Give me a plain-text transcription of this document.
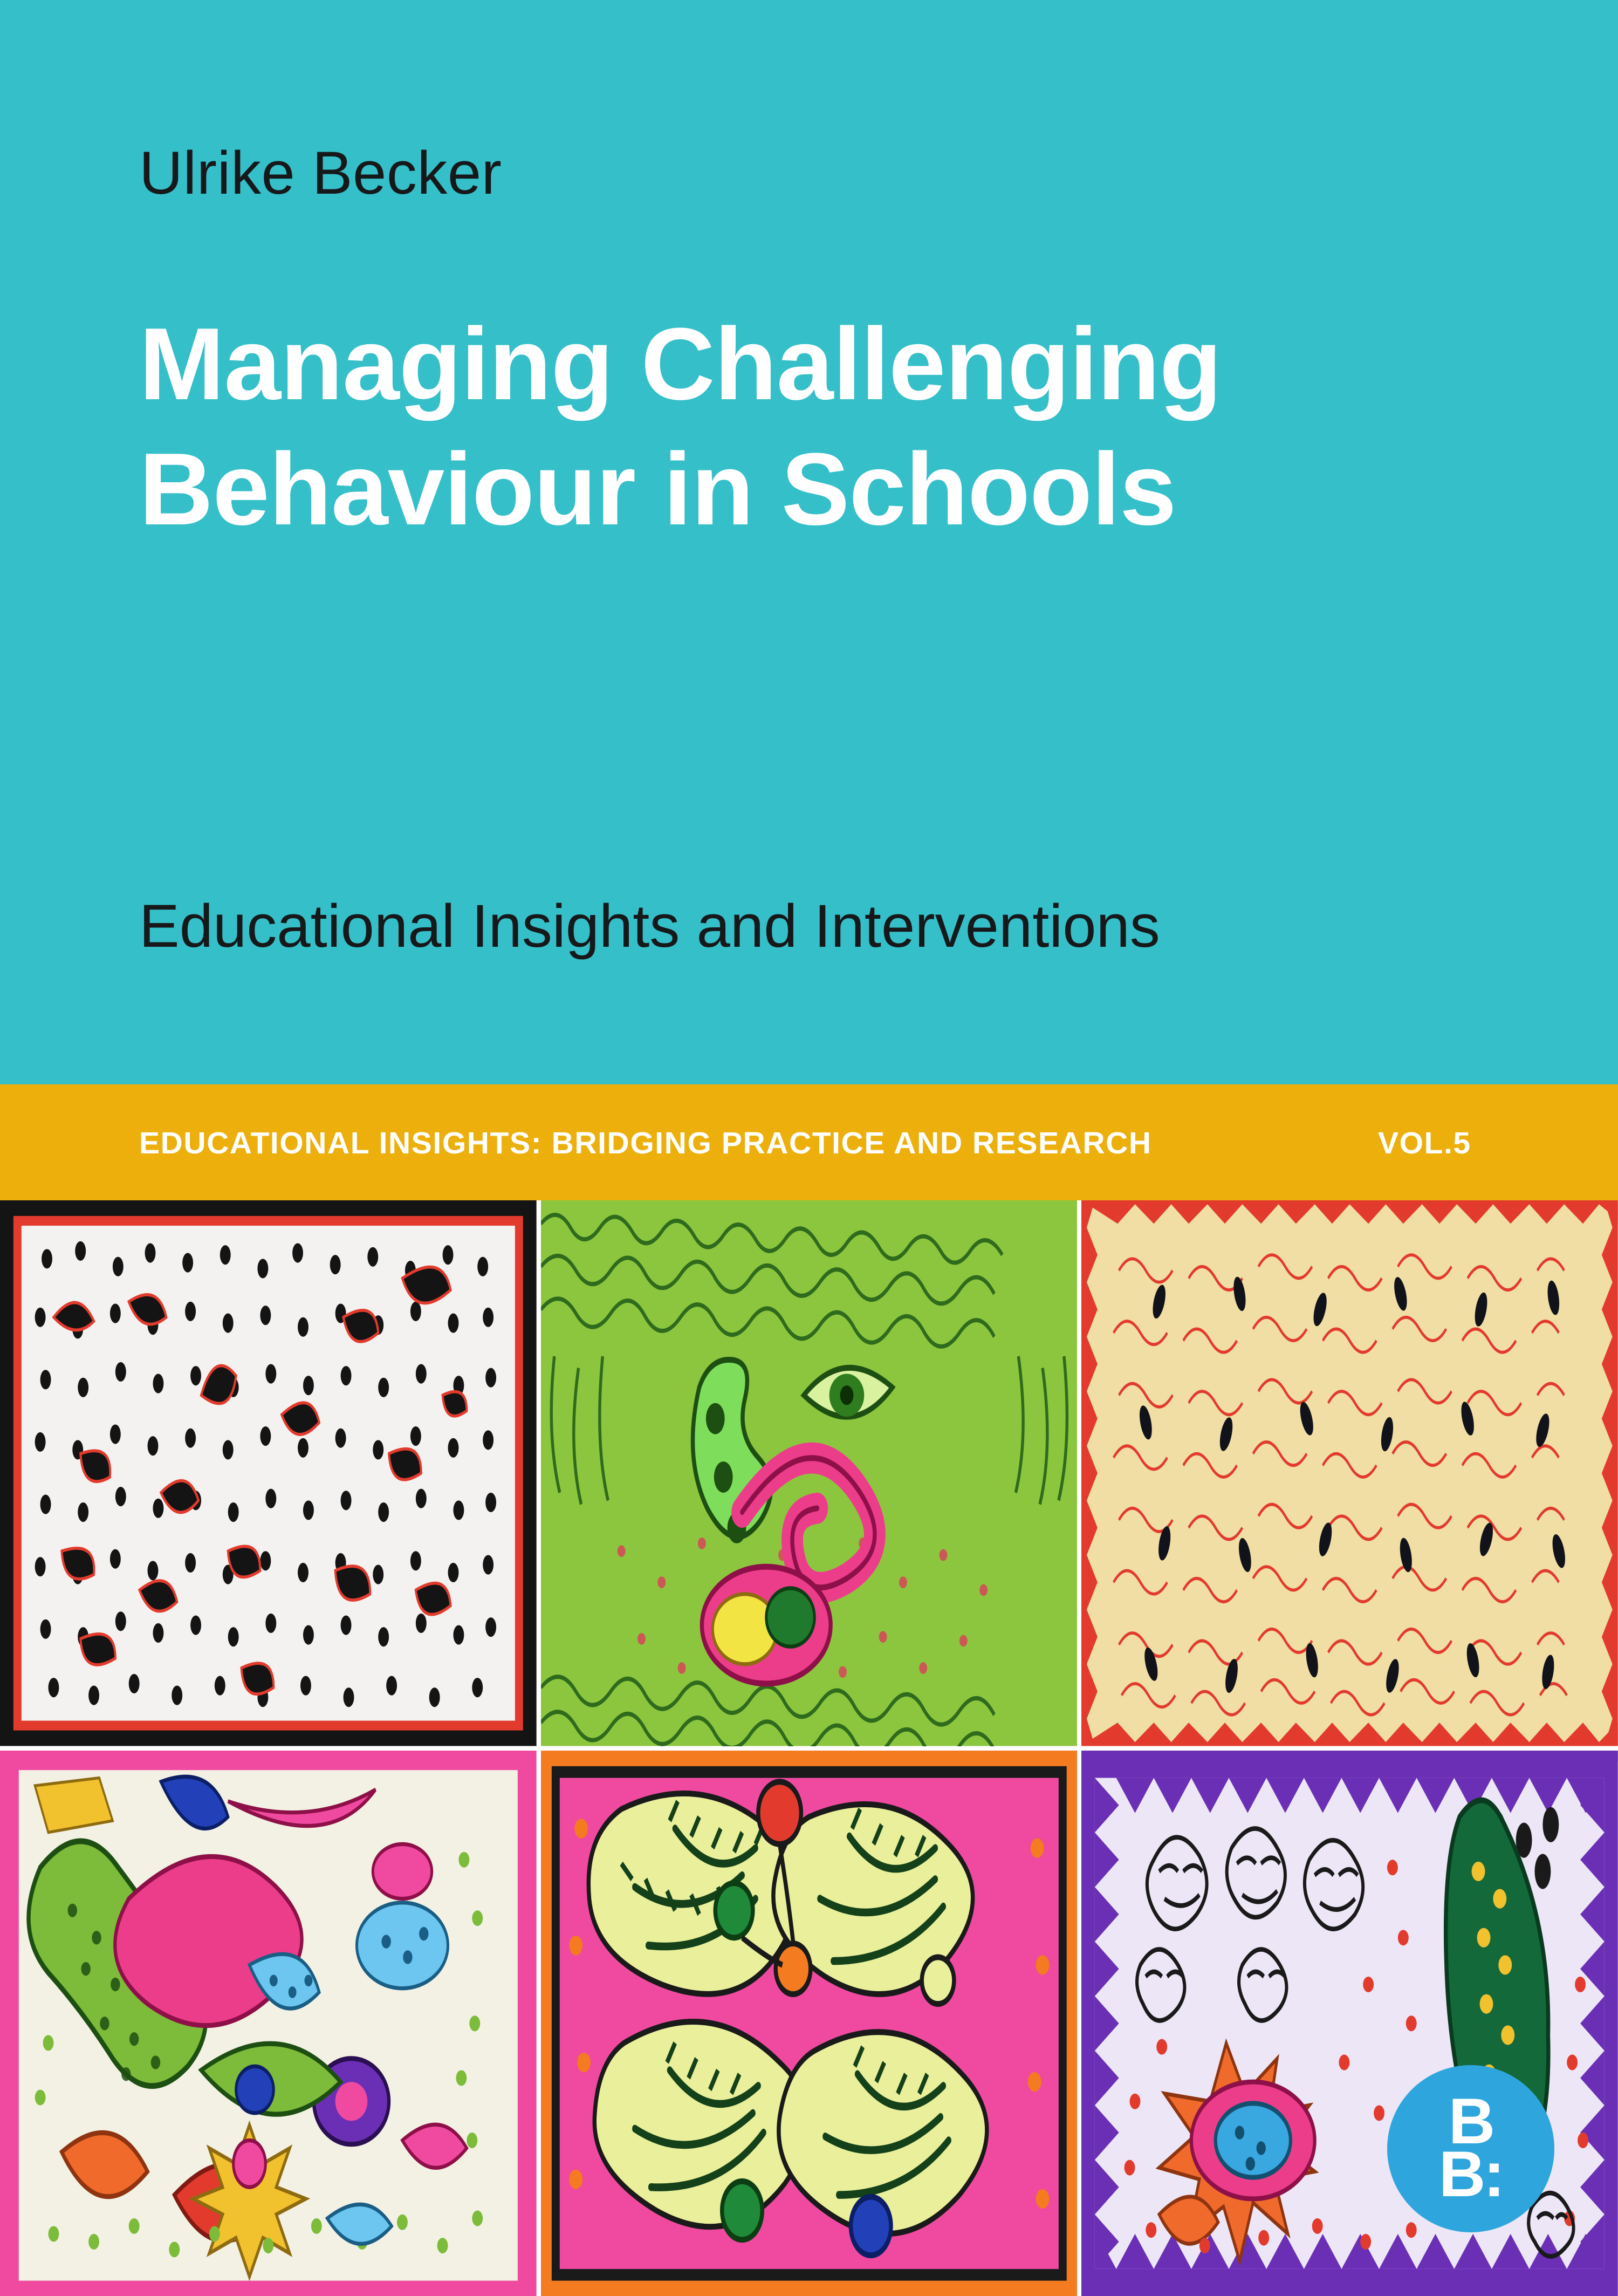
Ulrike Becker
Managing Challenging Behaviour in Schools
Educational Insights and Interventions
EDUCATIONAL INSIGHTS: BRIDGING PRACTICE AND RESEARCH	VOL.5
B
B:
